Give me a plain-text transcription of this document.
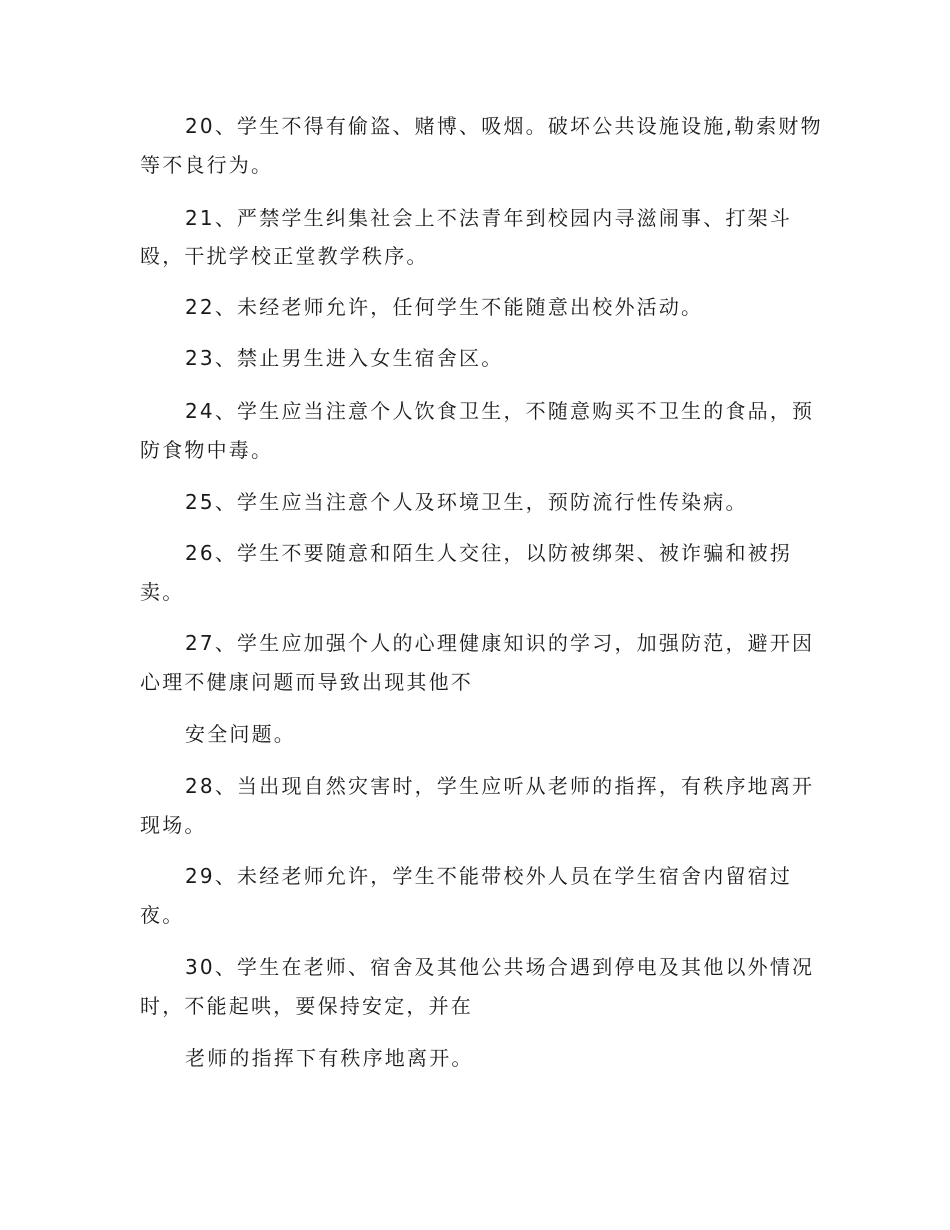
20、学生不得有偷盗、赌博、吸烟。破坏公共设施设施,勒索财物
等不良行为。
21、严禁学生纠集社会上不法青年到校园内寻滋闹事、打架斗
殴，干扰学校正堂教学秩序。
22、未经老师允许，任何学生不能随意出校外活动。
23、禁止男生进入女生宿舍区。
24、学生应当注意个人饮食卫生，不随意购买不卫生的食品，预
防食物中毒。
25、学生应当注意个人及环境卫生，预防流行性传染病。
26、学生不要随意和陌生人交往，以防被绑架、被诈骗和被拐
卖。
27、学生应加强个人的心理健康知识的学习，加强防范，避开因
心理不健康问题而导致出现其他不
安全问题。
28、当出现自然灾害时，学生应听从老师的指挥，有秩序地离开
现场。
29、未经老师允许，学生不能带校外人员在学生宿舍内留宿过
夜。
30、学生在老师、宿舍及其他公共场合遇到停电及其他以外情况
时，不能起哄，要保持安定，并在
老师的指挥下有秩序地离开。
